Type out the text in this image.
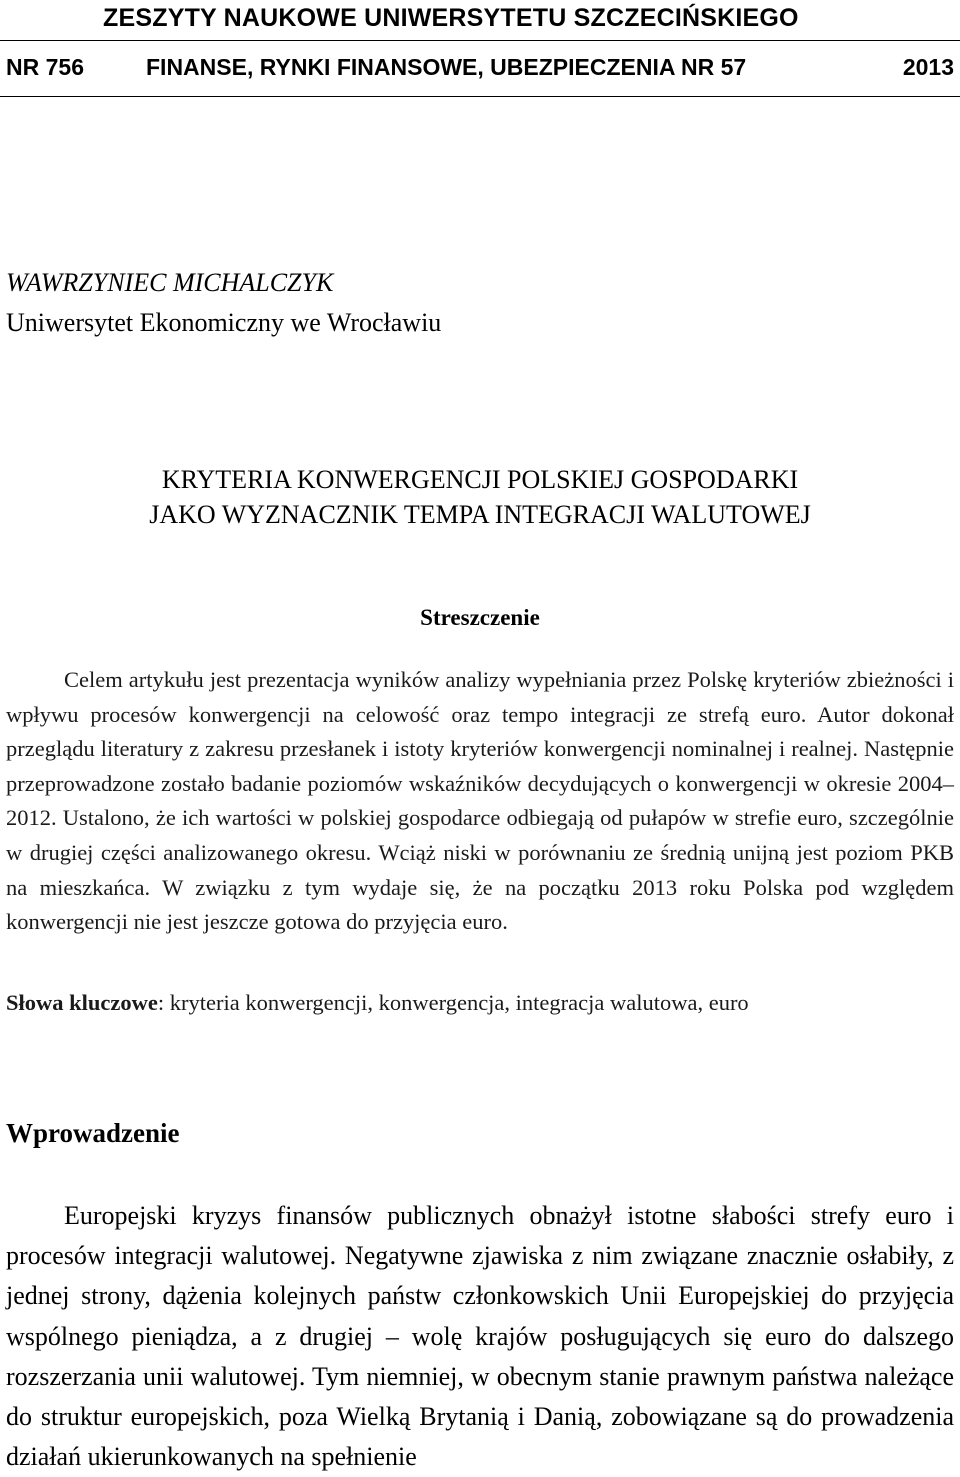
ZESZYTY NAUKOWE UNIWERSYTETU SZCZECIŃSKIEGO
NR 756	FINANSE, RYNKI FINANSOWE, UBEZPIECZENIA NR 57	2013
WAWRZYNIEC MICHALCZYK
Uniwersytet Ekonomiczny we Wrocławiu
KRYTERIA KONWERGENCJI POLSKIEJ GOSPODARKI
JAKO WYZNACZNIK TEMPA INTEGRACJI WALUTOWEJ
Streszczenie
Celem artykułu jest prezentacja wyników analizy wypełniania przez Polskę kryteriów zbieżności i wpływu procesów konwergencji na celowość oraz tempo integracji ze strefą euro. Autor dokonał przeglądu literatury z zakresu przesłanek i istoty kryteriów konwergencji nominalnej i realnej. Następnie przeprowadzone zostało badanie poziomów wskaźników decydujących o konwergencji w okresie 2004–2012. Ustalono, że ich wartości w polskiej gospodarce odbiegają od pułapów w strefie euro, szczególnie w drugiej części analizowanego okresu. Wciąż niski w porównaniu ze średnią unijną jest poziom PKB na mieszkańca. W związku z tym wydaje się, że na początku 2013 roku Polska pod względem konwergencji nie jest jeszcze gotowa do przyjęcia euro.
Słowa kluczowe: kryteria konwergencji, konwergencja, integracja walutowa, euro
Wprowadzenie
Europejski kryzys finansów publicznych obnażył istotne słabości strefy euro i procesów integracji walutowej. Negatywne zjawiska z nim związane znacznie osłabiły, z jednej strony, dążenia kolejnych państw członkowskich Unii Europejskiej do przyjęcia wspólnego pieniądza, a z drugiej – wolę krajów posługujących się euro do dalszego rozszerzania unii walutowej. Tym niemniej, w obecnym stanie prawnym państwa należące do struktur europejskich, poza Wielką Brytanią i Danią, zobowiązane są do prowadzenia działań ukierunkowanych na spełnienie
